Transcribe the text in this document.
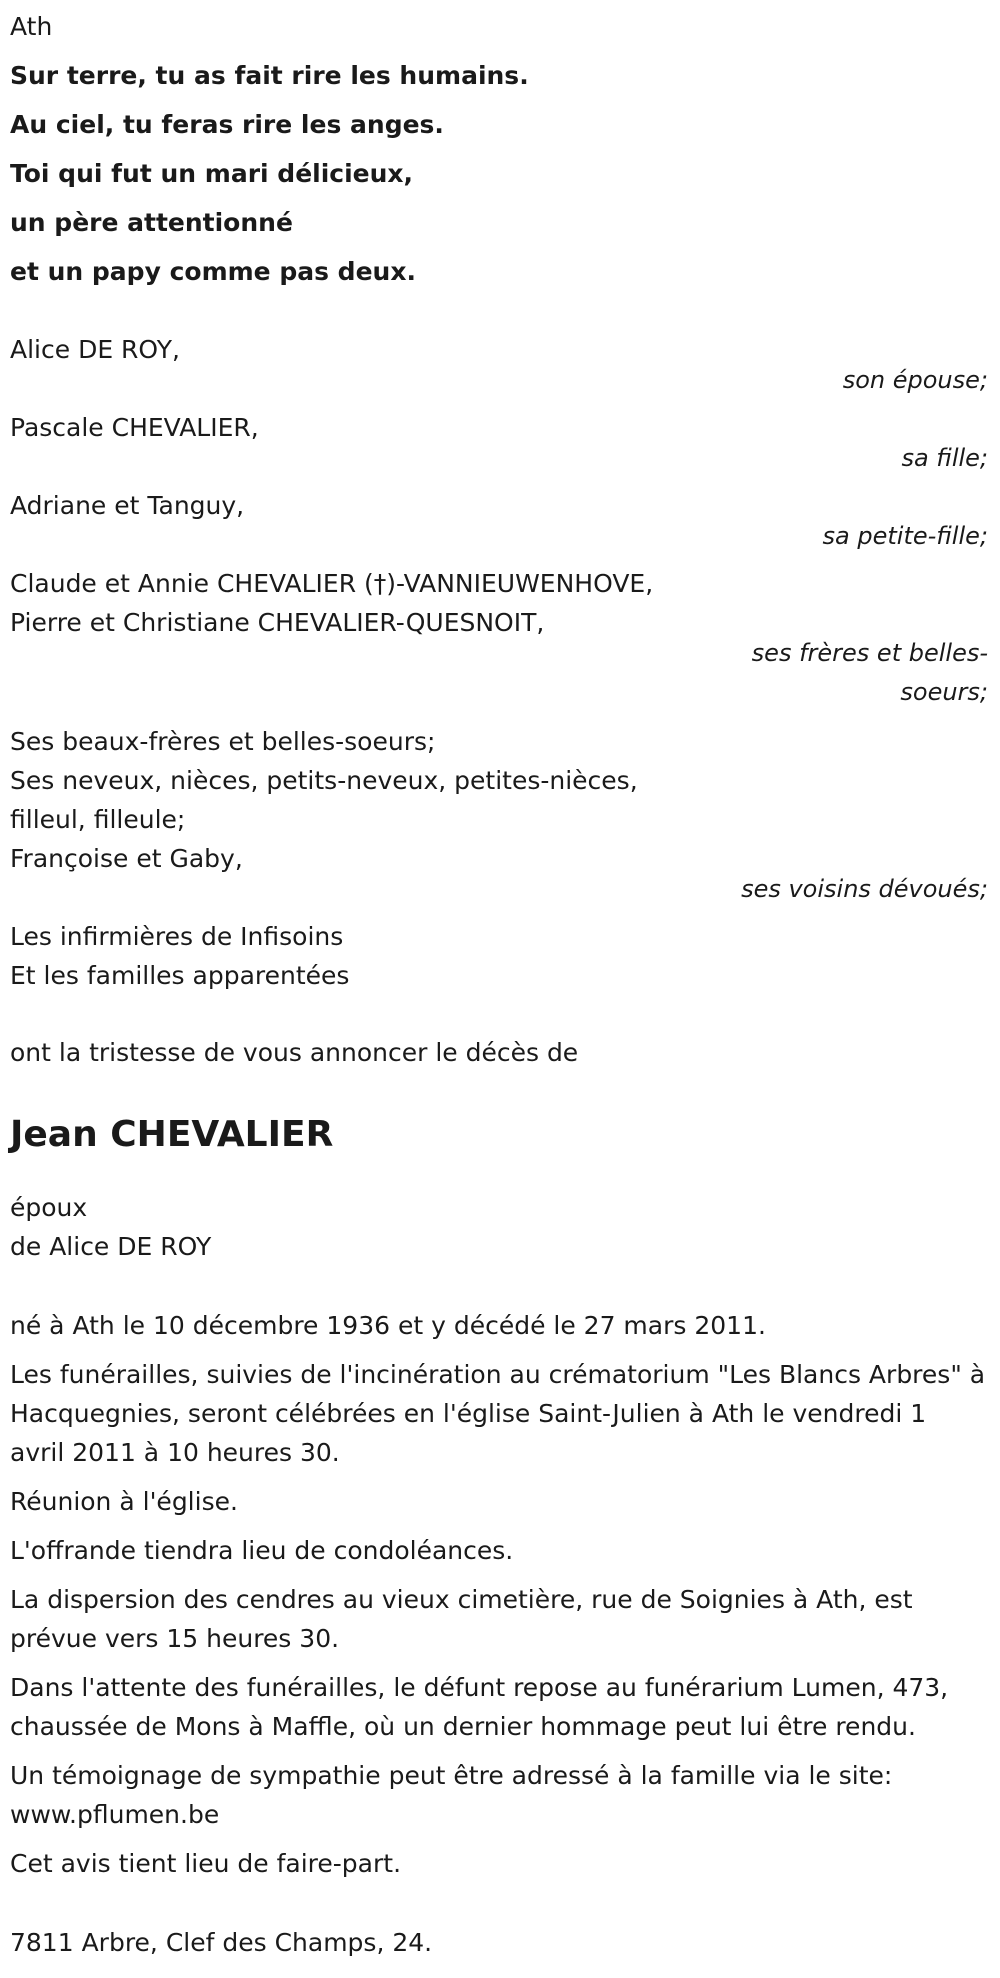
Ath
Sur terre, tu as fait rire les humains.
Au ciel, tu feras rire les anges.
Toi qui fut un mari délicieux,
un père attentionné
et un papy comme pas deux.
Alice DE ROY,
son épouse;
Pascale CHEVALIER,
sa fille;
Adriane et Tanguy,
sa petite-fille;
Claude et Annie CHEVALIER (†)-VANNIEUWENHOVE,
Pierre et Christiane CHEVALIER-QUESNOIT,
ses frères et belles-soeurs;
Ses beaux-frères et belles-soeurs;
Ses neveux, nièces, petits-neveux, petites-nièces,
filleul, filleule;
Françoise et Gaby,
ses voisins dévoués;
Les infirmières de Infisoins
Et les familles apparentées
ont la tristesse de vous annoncer le décès de
Jean CHEVALIER
époux
de Alice DE ROY

né à Ath le 10 décembre 1936 et y décédé le 27 mars 2011.

Les funérailles, suivies de l'incinération au crématorium "Les Blancs Arbres" à Hacquegnies, seront célébrées en l'église Saint-Julien à Ath le vendredi 1 avril 2011 à 10 heures 30.

Réunion à l'église.

L'offrande tiendra lieu de condoléances.

La dispersion des cendres au vieux cimetière, rue de Soignies à Ath, est prévue vers 15 heures 30.

Dans l'attente des funérailles, le défunt repose au funérarium Lumen, 473, chaussée de Mons à Maffle, où un dernier hommage peut lui être rendu.

Un témoignage de sympathie peut être adressé à la famille via le site: www.pflumen.be

Cet avis tient lieu de faire-part.

7811 Arbre, Clef des Champs, 24.
